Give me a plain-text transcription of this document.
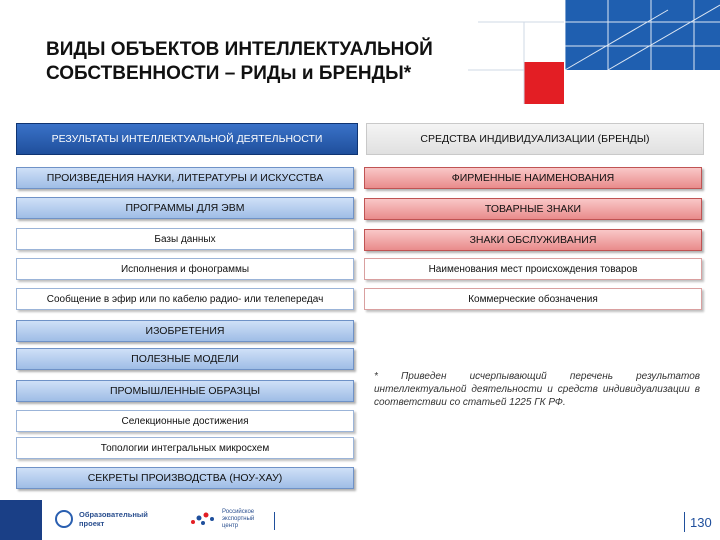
ВИДЫ ОБЪЕКТОВ ИНТЕЛЛЕКТУАЛЬНОЙ
СОБСТВЕННОСТИ – РИДы и БРЕНДЫ*
РЕЗУЛЬТАТЫ ИНТЕЛЛЕКТУАЛЬНОЙ ДЕЯТЕЛЬНОСТИ
ПРОИЗВЕДЕНИЯ НАУКИ, ЛИТЕРАТУРЫ И ИСКУССТВА
ПРОГРАММЫ ДЛЯ ЭВМ
Базы данных
Исполнения и фонограммы
Сообщение в эфир или по кабелю радио- или телепередач
ИЗОБРЕТЕНИЯ
ПОЛЕЗНЫЕ МОДЕЛИ
ПРОМЫШЛЕННЫЕ ОБРАЗЦЫ
Селекционные достижения
Топологии интегральных микросхем
СЕКРЕТЫ ПРОИЗВОДСТВА (НОУ-ХАУ)
СРЕДСТВА ИНДИВИДУАЛИЗАЦИИ (БРЕНДЫ)
ФИРМЕННЫЕ НАИМЕНОВАНИЯ
ТОВАРНЫЕ ЗНАКИ
ЗНАКИ ОБСЛУЖИВАНИЯ
Наименования мест происхождения товаров
Коммерческие обозначения
* Приведен исчерпывающий перечень результатов интеллектуальной деятельности и средств индивидуализации в соответствии со статьей 1225 ГК РФ.
Образовательный
проект
Российское
экспортный
центр	130
